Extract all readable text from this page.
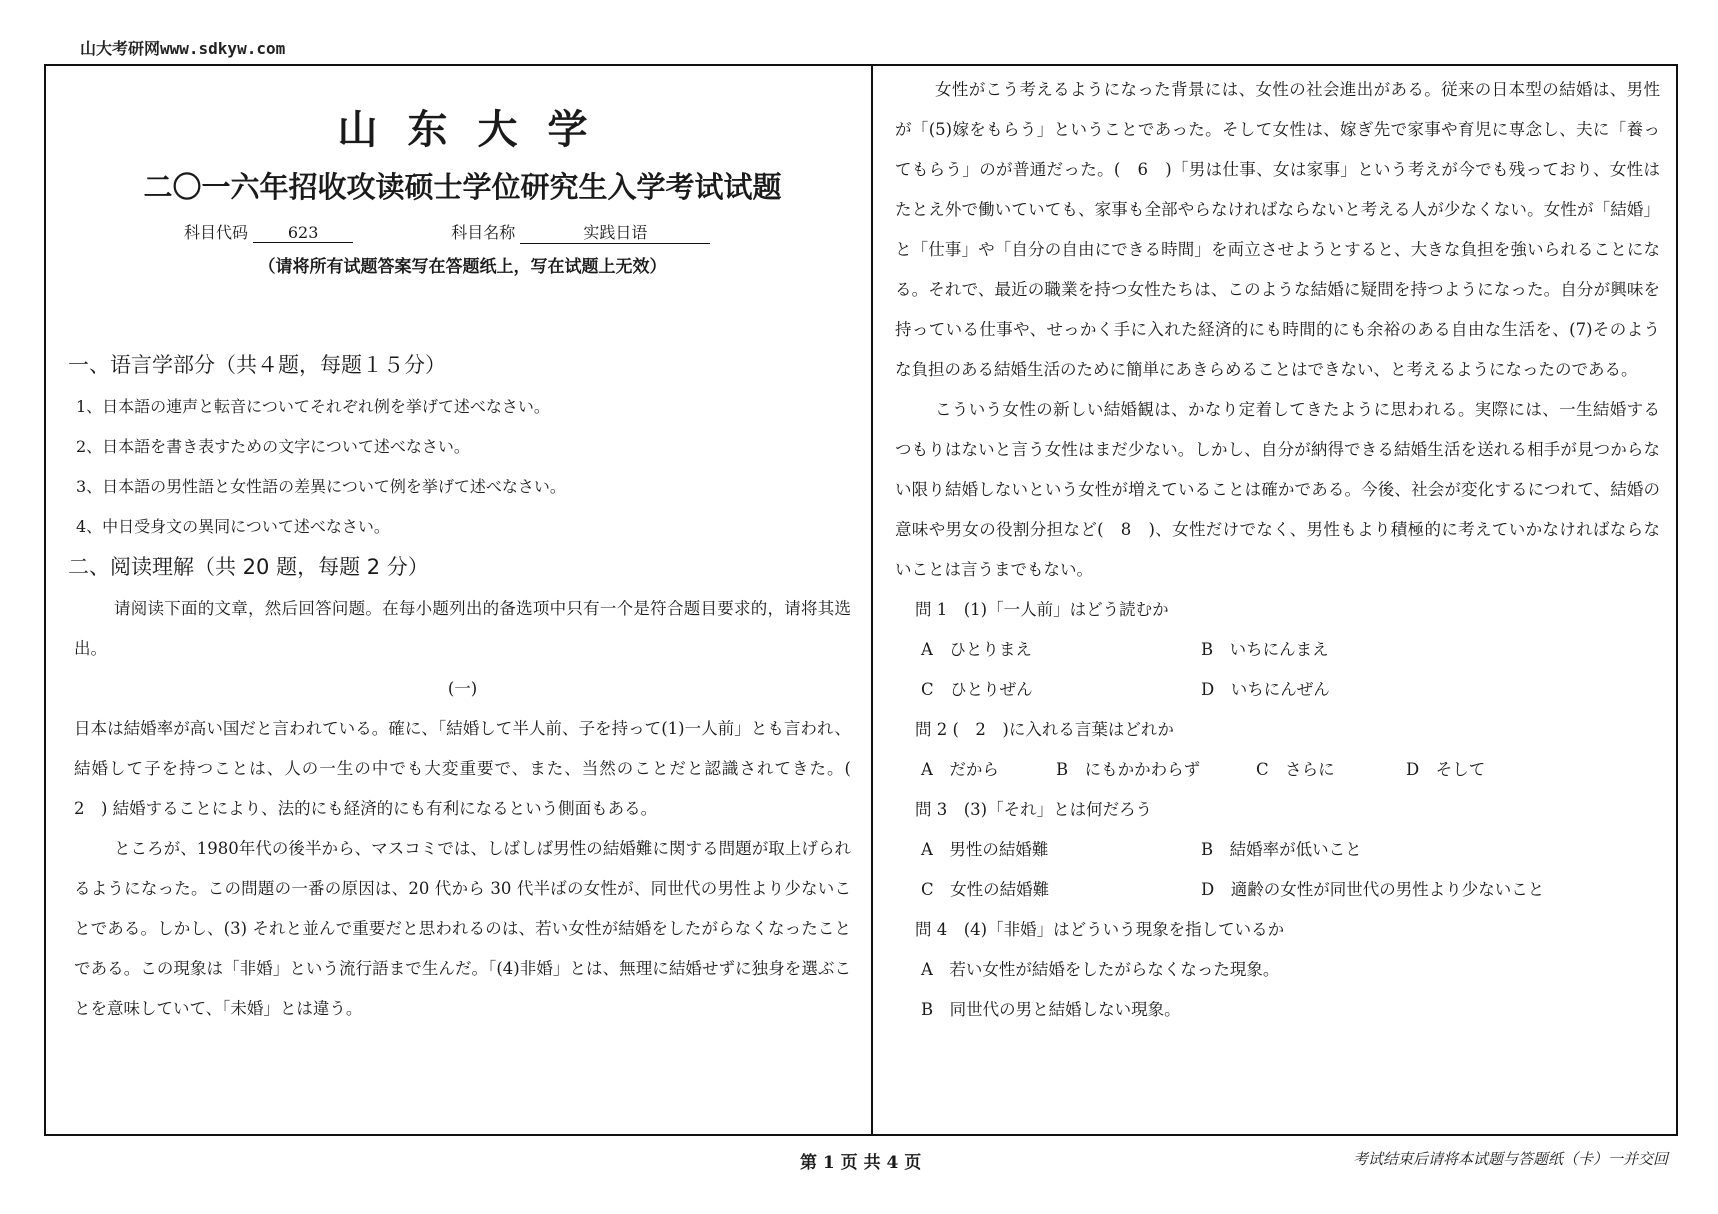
山大考研网www.sdkyw.com
山东大学
二〇一六年招收攻读硕士学位研究生入学考试试题
科目代码 623	科目名称	实践日语
（请将所有试题答案写在答题纸上，写在试题上无效）
一、语言学部分（共４题，每题１５分）
1、日本語の連声と転音についてそれぞれ例を挙げて述べなさい。
2、日本語を書き表すための文字について述べなさい。
3、日本語の男性語と女性語の差異について例を挙げて述べなさい。
4、中日受身文の異同について述べなさい。
二、阅读理解（共 20 题，每题 2 分）
请阅读下面的文章，然后回答问题。在每小题列出的备选项中只有一个是符合题目要求的，请将其选出。
(一)
日本は結婚率が高い国だと言われている。確に、「結婚して半人前、子を持って(1)一人前」とも言われ、結婚して子を持つことは、人の一生の中でも大変重要で、また、当然のことだと認識されてきた。(　2　) 結婚することにより、法的にも経済的にも有利になるという側面もある。
ところが、1980年代の後半から、マスコミでは、しばしば男性の結婚難に関する問題が取上げられるようになった。この問題の一番の原因は、20 代から 30 代半ばの女性が、同世代の男性より少ないことである。しかし、(3) それと並んで重要だと思われるのは、若い女性が結婚をしたがらなくなったことである。この現象は「非婚」という流行語まで生んだ。「(4)非婚」とは、無理に結婚せずに独身を選ぶことを意味していて、「未婚」とは違う。
女性がこう考えるようになった背景には、女性の社会進出がある。従来の日本型の結婚は、男性が「(5)嫁をもらう」ということであった。そして女性は、嫁ぎ先で家事や育児に専念し、夫に「養ってもらう」のが普通だった。(　6　)「男は仕事、女は家事」という考えが今でも残っており、女性はたとえ外で働いていても、家事も全部やらなければならないと考える人が少なくない。女性が「結婚」と「仕事」や「自分の自由にできる時間」を両立させようとすると、大きな負担を強いられることになる。それで、最近の職業を持つ女性たちは、このような結婚に疑問を持つようになった。自分が興味を持っている仕事や、せっかく手に入れた経済的にも時間的にも余裕のある自由な生活を、(7)そのような負担のある結婚生活のために簡単にあきらめることはできない、と考えるようになったのである。
こういう女性の新しい結婚観は、かなり定着してきたように思われる。実際には、一生結婚するつもりはないと言う女性はまだ少ない。しかし、自分が納得できる結婚生活を送れる相手が見つからない限り結婚しないという女性が増えていることは確かである。今後、社会が変化するにつれて、結婚の意味や男女の役割分担など(　8　)、女性だけでなく、男性もより積極的に考えていかなければならないことは言うまでもない。
問 1　(1)「一人前」はどう読むか
A　ひとりまえ	B　いちにんまえ
C　ひとりぜん	D　いちにんぜん
問 2 (　2　)に入れる言葉はどれか
A　だから	B　にもかかわらず	C　さらに	D　そして
問 3　(3)「それ」とは何だろう
A　男性の結婚難	B　結婚率が低いこと
C　女性の結婚難	D　適齢の女性が同世代の男性より少ないこと
問 4　(4)「非婚」はどういう現象を指しているか
A　若い女性が結婚をしたがらなくなった現象。
B　同世代の男と結婚しない現象。
第 1 页 共 4 页	考试结束后请将本试题与答题纸（卡）一并交回
